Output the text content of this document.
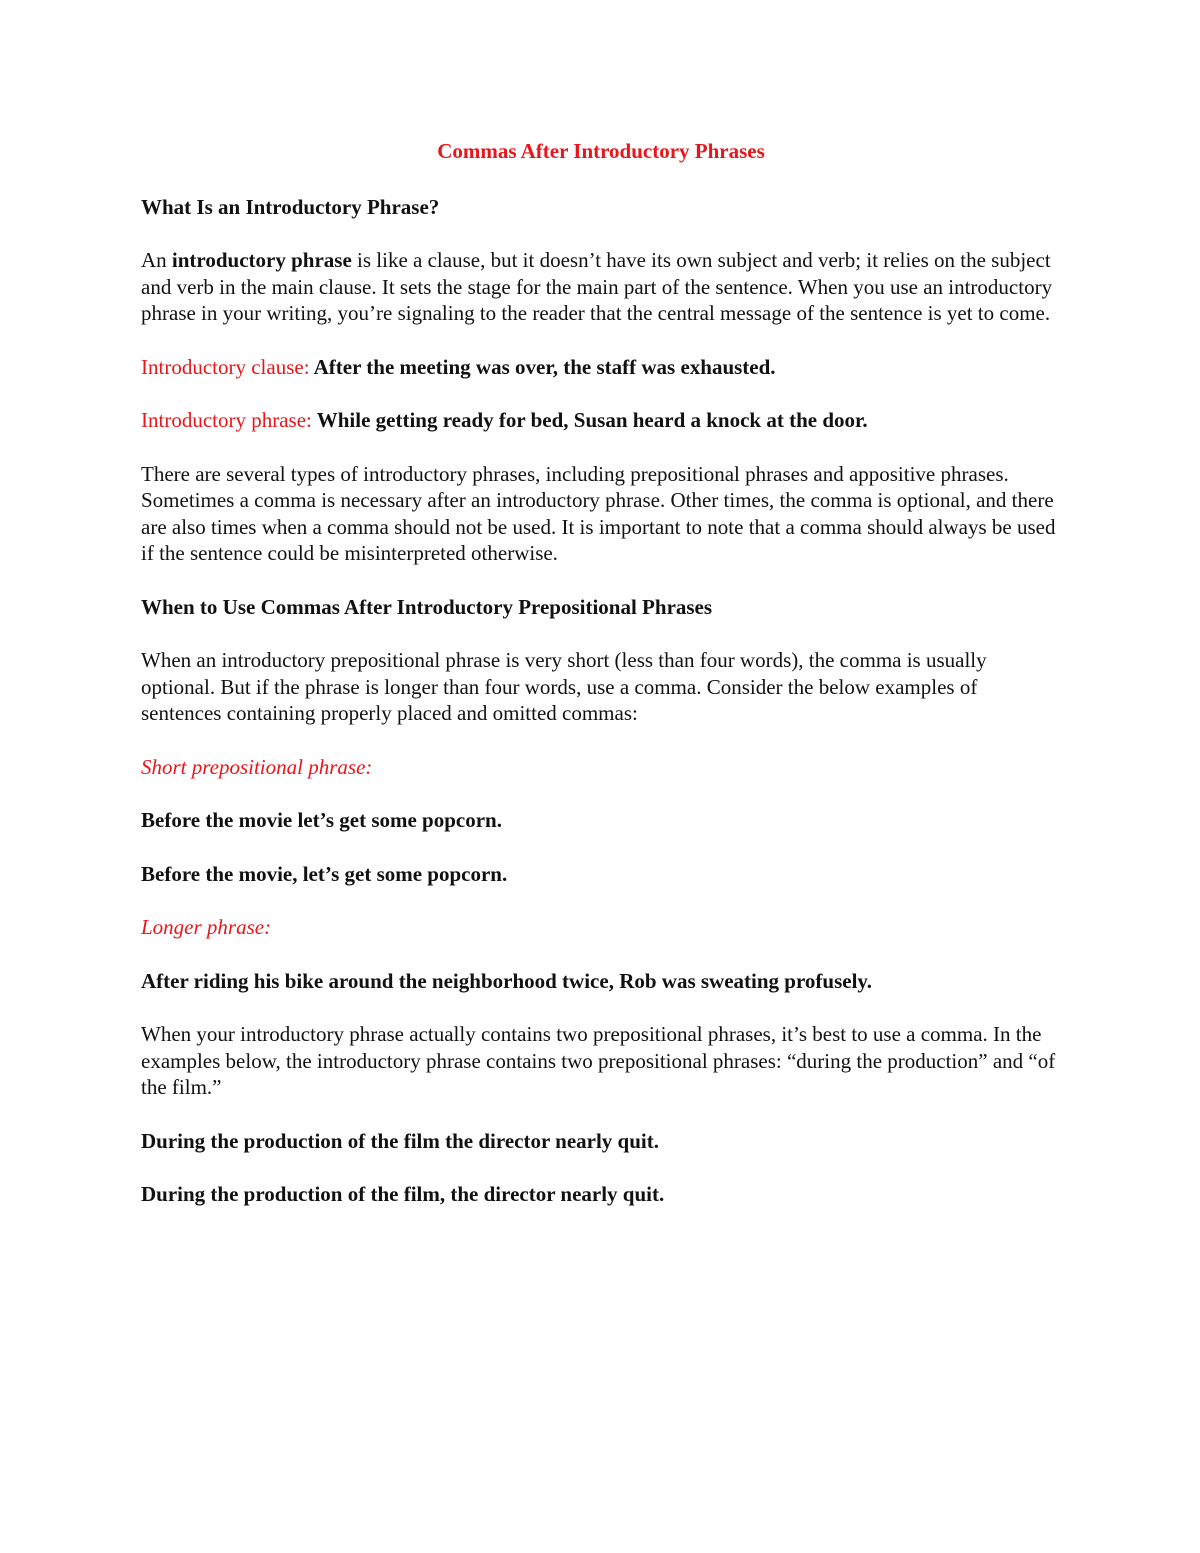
Commas After Introductory Phrases
What Is an Introductory Phrase?

An introductory phrase is like a clause, but it doesn’t have its own subject and verb; it relies on the subject and verb in the main clause. It sets the stage for the main part of the sentence. When you use an introductory phrase in your writing, you’re signaling to the reader that the central message of the sentence is yet to come.

Introductory clause: After the meeting was over, the staff was exhausted.

Introductory phrase: While getting ready for bed, Susan heard a knock at the door.

There are several types of introductory phrases, including prepositional phrases and appositive phrases. Sometimes a comma is necessary after an introductory phrase. Other times, the comma is optional, and there are also times when a comma should not be used. It is important to note that a comma should always be used if the sentence could be misinterpreted otherwise.

When to Use Commas After Introductory Prepositional Phrases

When an introductory prepositional phrase is very short (less than four words), the comma is usually optional. But if the phrase is longer than four words, use a comma. Consider the below examples of sentences containing properly placed and omitted commas:

Short prepositional phrase:

Before the movie let’s get some popcorn.

Before the movie, let’s get some popcorn.

Longer phrase:

After riding his bike around the neighborhood twice, Rob was sweating profusely.

When your introductory phrase actually contains two prepositional phrases, it’s best to use a comma. In the examples below, the introductory phrase contains two prepositional phrases: “during the production” and “of the film.”

During the production of the film the director nearly quit.

During the production of the film, the director nearly quit.
